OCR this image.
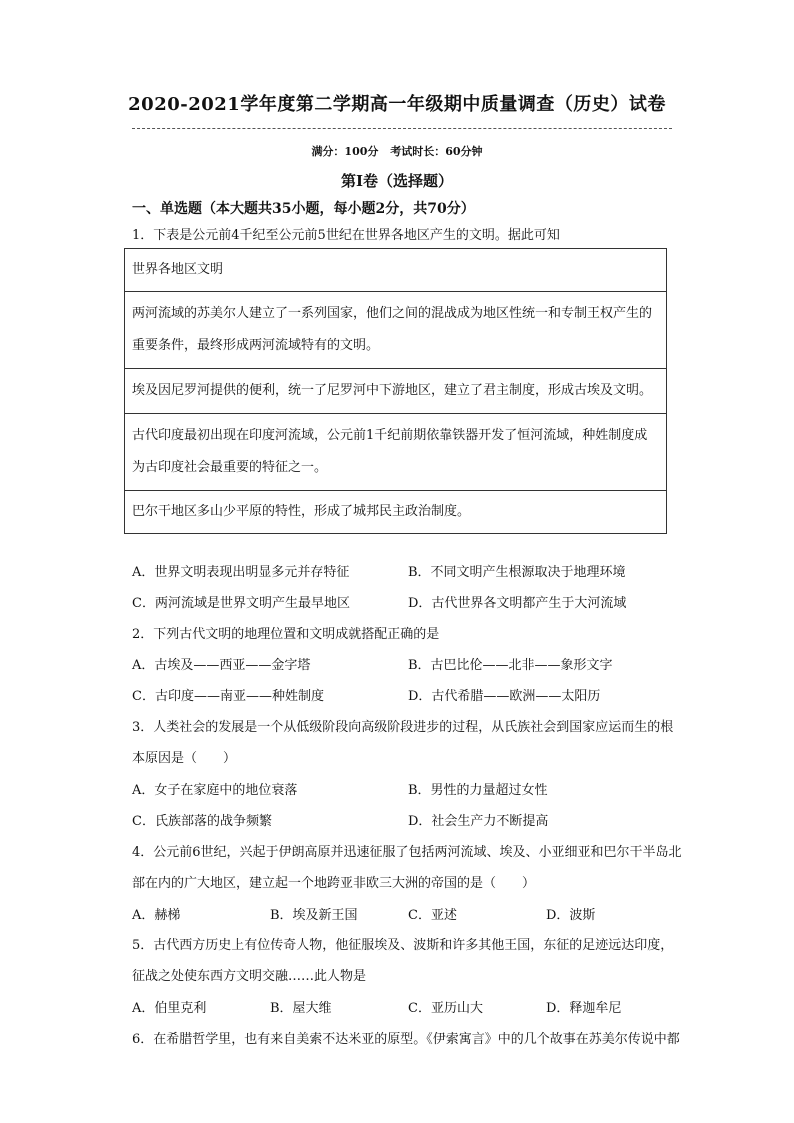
2020-2021学年度第二学期高一年级期中质量调查（历史）试卷
满分：100分 考试时长：60分钟
第I卷（选择题）
一、单选题（本大题共35小题，每小题2分，共70分）
1．下表是公元前4千纪至公元前5世纪在世界各地区产生的文明。据此可知
世界各地区文明
两河流域的苏美尔人建立了一系列国家，他们之间的混战成为地区性统一和专制王权产生的重要条件，最终形成两河流域特有的文明。
埃及因尼罗河提供的便利，统一了尼罗河中下游地区，建立了君主制度，形成古埃及文明。
古代印度最初出现在印度河流域，公元前1千纪前期依靠铁器开发了恒河流域，种姓制度成为古印度社会最重要的特征之一。
巴尔干地区多山少平原的特性，形成了城邦民主政治制度。
A．世界文明表现出明显多元并存特征	B．不同文明产生根源取决于地理环境
C．两河流域是世界文明产生最早地区	D．古代世界各文明都产生于大河流域
2．下列古代文明的地理位置和文明成就搭配正确的是
A．古埃及——西亚——金字塔	B．古巴比伦——北非——象形文字
C．古印度——南亚——种姓制度	D．古代希腊——欧洲——太阳历
3．人类社会的发展是一个从低级阶段向高级阶段进步的过程，从氏族社会到国家应运而生的根
本原因是（　　）
A．女子在家庭中的地位衰落	B．男性的力量超过女性
C．氏族部落的战争频繁	D．社会生产力不断提高
4．公元前6世纪，兴起于伊朗高原并迅速征服了包括两河流域、埃及、小亚细亚和巴尔干半岛北
部在内的广大地区，建立起一个地跨亚非欧三大洲的帝国的是（　　）
A．赫梯	B．埃及新王国	C．亚述	D．波斯
5．古代西方历史上有位传奇人物，他征服埃及、波斯和许多其他王国，东征的足迹远达印度，
征战之处使东西方文明交融……此人物是
A．伯里克利	B．屋大维	C．亚历山大	D．释迦牟尼
6．在希腊哲学里，也有来自美索不达米亚的原型。《伊索寓言》中的几个故事在苏美尔传说中都
